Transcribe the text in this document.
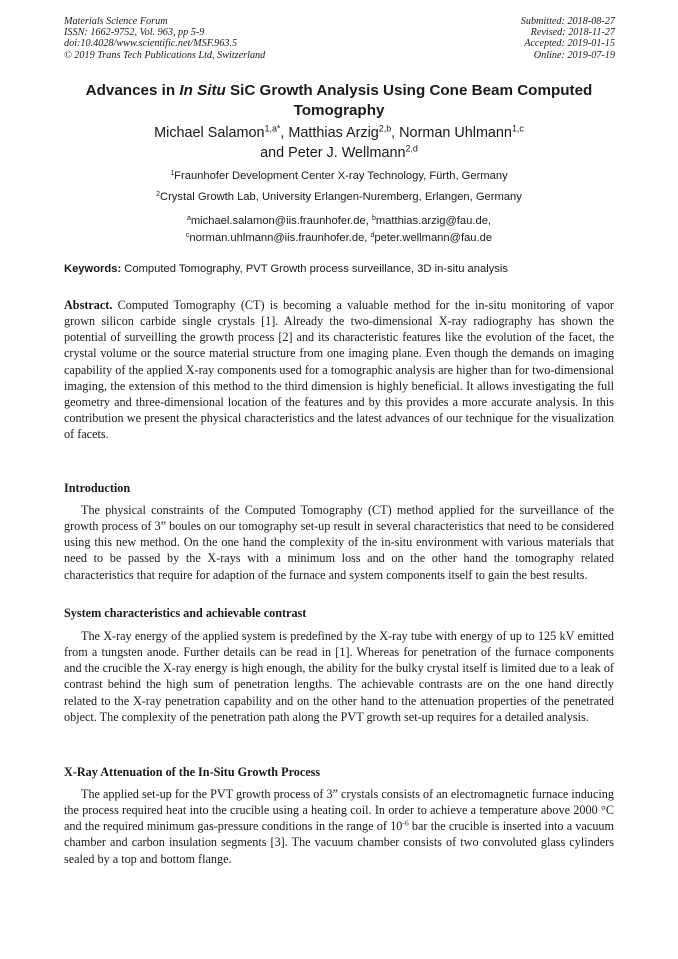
Materials Science Forum
ISSN: 1662-9752, Vol. 963, pp 5-9
doi:10.4028/www.scientific.net/MSF.963.5
© 2019 Trans Tech Publications Ltd, Switzerland
Submitted: 2018-08-27
Revised: 2018-11-27
Accepted: 2019-01-15
Online: 2019-07-19
Advances in In Situ SiC Growth Analysis Using Cone Beam Computed Tomography
Michael Salamon$^{1,a*}$, Matthias Arzig$^{2,b}$, Norman Uhlmann$^{1,c}$
and Peter J. Wellmann$^{2,d}$
$^1$Fraunhofer Development Center X-ray Technology, Fürth, Germany
$^2$Crystal Growth Lab, University Erlangen-Nuremberg, Erlangen, Germany
$^a$michael.salamon@iis.fraunhofer.de, $^b$matthias.arzig@fau.de,
$^c$norman.uhlmann@iis.fraunhofer.de, $^d$peter.wellmann@fau.de
Keywords: Computed Tomography, PVT Growth process surveillance, 3D in-situ analysis
Abstract. Computed Tomography (CT) is becoming a valuable method for the in-situ monitoring of vapor grown silicon carbide single crystals [1]. Already the two-dimensional X-ray radiography has shown the potential of surveilling the growth process [2] and its characteristic features like the evolution of the facet, the crystal volume or the source material structure from one imaging plane. Even though the demands on imaging capability of the applied X-ray components used for a tomographic analysis are higher than for two-dimensional imaging, the extension of this method to the third dimension is highly beneficial. It allows investigating the full geometry and three-dimensional location of the features and by this provides a more accurate analysis. In this contribution we present the physical characteristics and the latest advances of our technique for the visualization of facets.
Introduction
The physical constraints of the Computed Tomography (CT) method applied for the surveillance of the growth process of 3” boules on our tomography set-up result in several characteristics that need to be considered using this new method. On the one hand the complexity of the in-situ environment with various materials that need to be passed by the X-rays with a minimum loss and on the other hand the tomography related characteristics that require for adaption of the furnace and system components itself to gain the best results.
System characteristics and achievable contrast
The X-ray energy of the applied system is predefined by the X-ray tube with energy of up to 125 kV emitted from a tungsten anode. Further details can be read in [1]. Whereas for penetration of the furnace components and the crucible the X-ray energy is high enough, the ability for the bulky crystal itself is limited due to a leak of contrast behind the high sum of penetration lengths. The achievable contrasts are on the one hand directly related to the X-ray penetration capability and on the other hand to the attenuation properties of the penetrated object. The complexity of the penetration path along the PVT growth set-up requires for a detailed analysis.
X-Ray Attenuation of the In-Situ Growth Process
The applied set-up for the PVT growth process of 3” crystals consists of an electromagnetic furnace inducing the process required heat into the crucible using a heating coil. In order to achieve a temperature above 2000 °C and the required minimum gas-pressure conditions in the range of $10^{-6}$ bar the crucible is inserted into a vacuum chamber and carbon insulation segments [3]. The vacuum chamber consists of two convoluted glass cylinders sealed by a top and bottom flange.
